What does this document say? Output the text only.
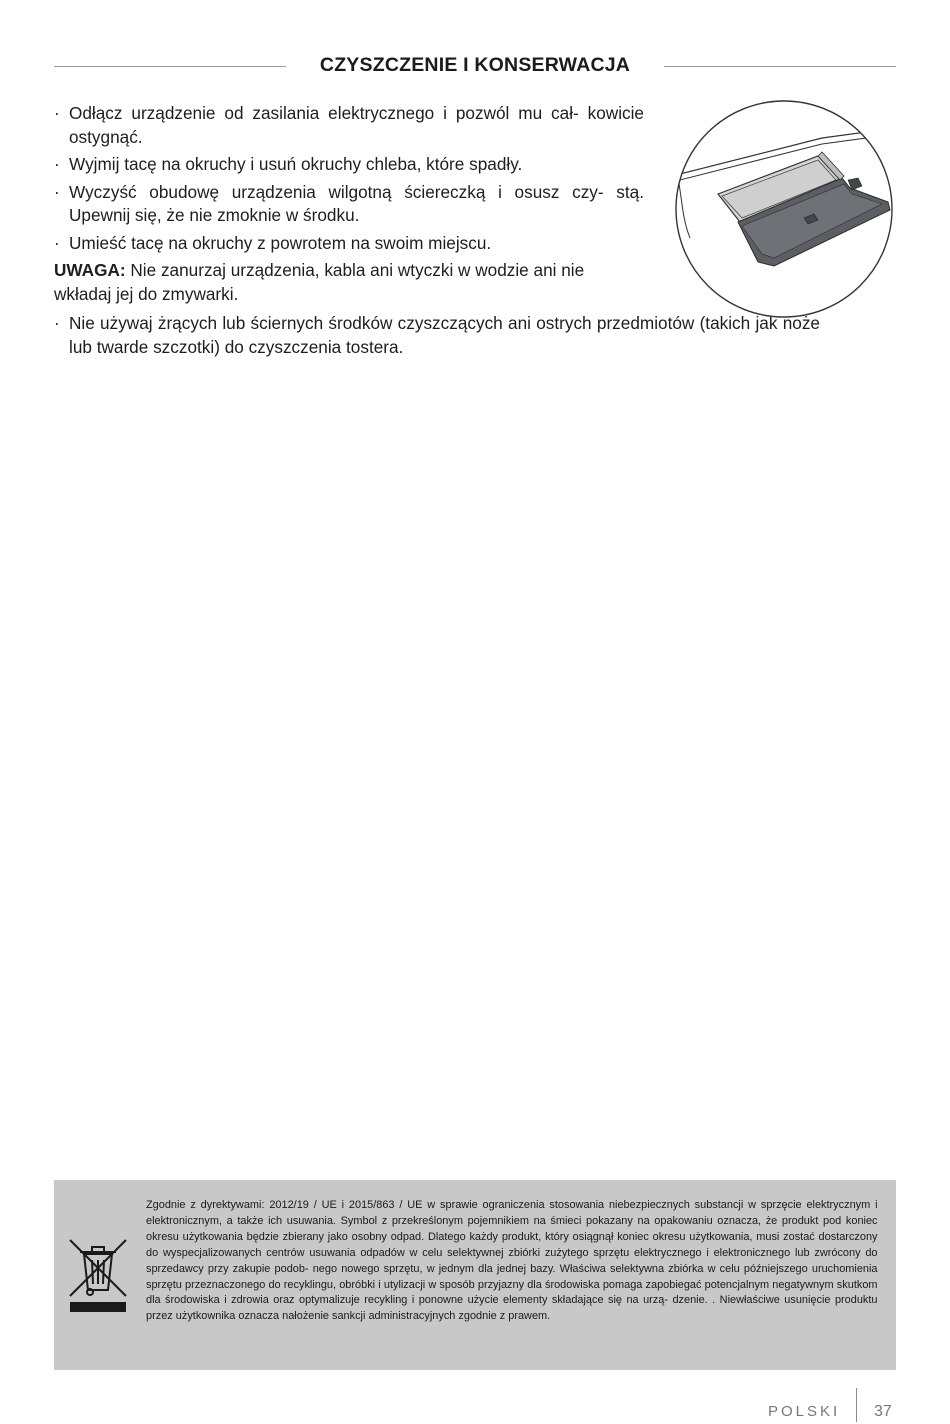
CZYSZCZENIE I KONSERWACJA
· Odłącz urządzenie od zasilania elektrycznego i pozwól mu cał- kowicie ostygnąć.
· Wyjmij tacę na okruchy i usuń okruchy chleba, które spadły.
· Wyczyść obudowę urządzenia wilgotną ściereczką i osusz czy- stą. Upewnij się, że nie zmoknie w środku.
· Umieść tacę na okruchy z powrotem na swoim miejscu.
UWAGA: Nie zanurzaj urządzenia, kabla ani wtyczki w wodzie ani nie wkładaj jej do zmywarki.
· Nie używaj żrących lub ściernych środków czyszczących ani ostrych przedmiotów (takich jak noże lub twarde szczotki) do czyszczenia tostera.
Zgodnie z dyrektywami: 2012/19 / UE i 2015/863 / UE w sprawie ograniczenia stosowania niebezpiecznych substancji w sprzęcie elektrycznym i elektronicznym, a także ich usuwania. Symbol z przekreślonym pojemnikiem na śmieci pokazany na opakowaniu oznacza, że produkt pod koniec okresu użytkowania będzie zbierany jako osobny odpad. Dlatego każdy produkt, który osiągnął koniec okresu użytkowania, musi zostać dostarczony do wyspecjalizowanych centrów usuwania odpadów w celu selektywnej zbiórki zużytego sprzętu elektrycznego i elektronicznego lub zwrócony do sprzedawcy przy zakupie podob- nego nowego sprzętu, w jednym dla jednej bazy. Właściwa selektywna zbiórka w celu późniejszego uruchomienia sprzętu przeznaczonego do recyklingu, obróbki i utylizacji w sposób przyjazny dla środowiska pomaga zapobiegać potencjalnym negatywnym skutkom dla środowiska i zdrowia oraz optymalizuje recykling i ponowne użycie elementy składające się na urzą- dzenie. . Niewłaściwe usunięcie produktu przez użytkownika oznacza nałożenie sankcji administracyjnych zgodnie z prawem.
POLSKI 37
